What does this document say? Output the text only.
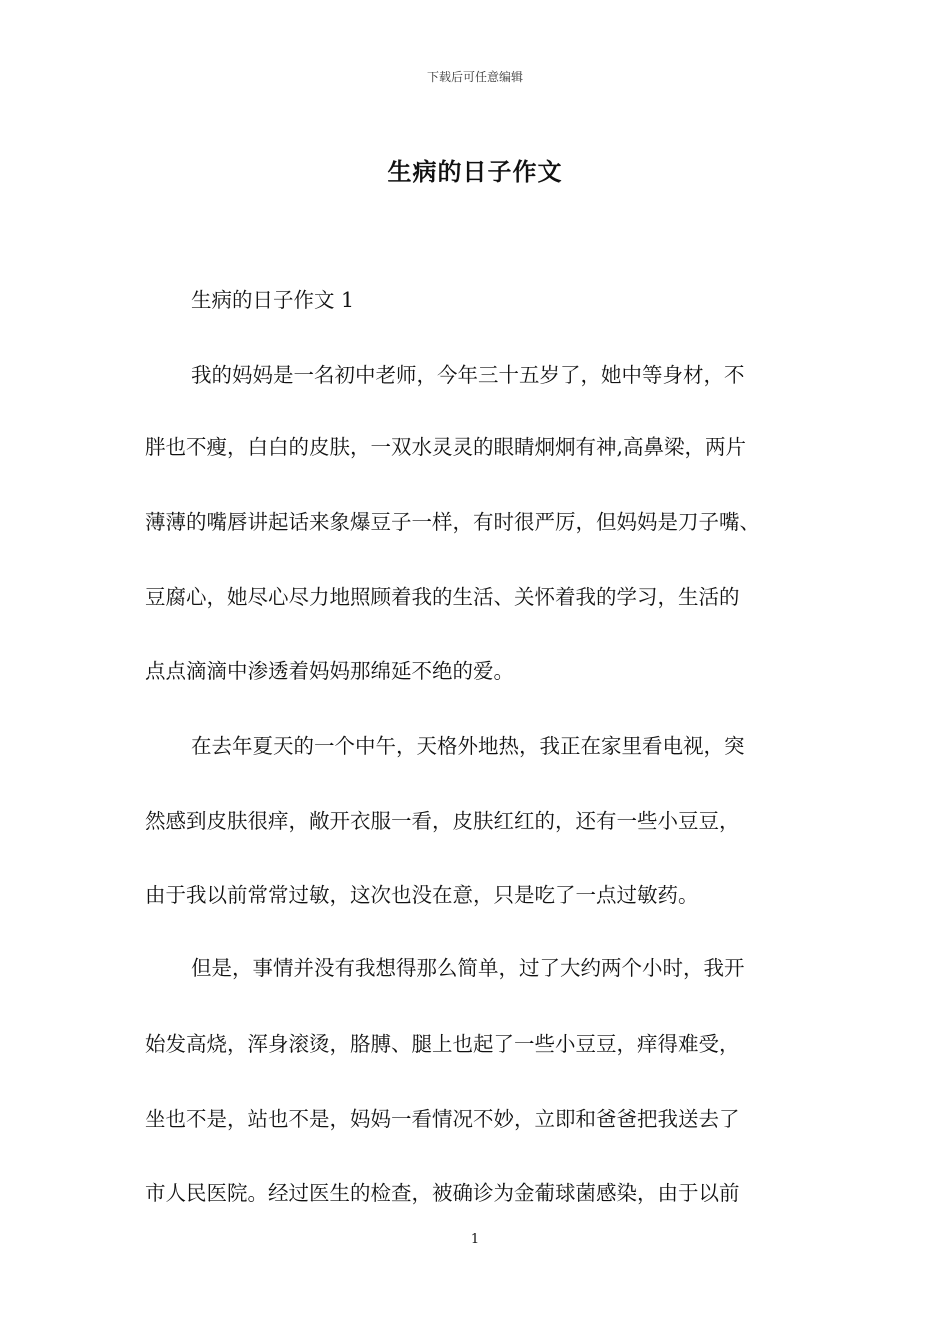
下载后可任意编辑
生病的日子作文
生病的日子作文 1
我的妈妈是一名初中老师，今年三十五岁了，她中等身材，不
胖也不瘦，白白的皮肤，一双水灵灵的眼睛炯炯有神,高鼻梁，两片
薄薄的嘴唇讲起话来象爆豆子一样，有时很严厉，但妈妈是刀子嘴、
豆腐心，她尽心尽力地照顾着我的生活、关怀着我的学习，生活的
点点滴滴中渗透着妈妈那绵延不绝的爱。
在去年夏天的一个中午，天格外地热，我正在家里看电视，突
然感到皮肤很痒，敞开衣服一看，皮肤红红的，还有一些小豆豆，
由于我以前常常过敏，这次也没在意，只是吃了一点过敏药。
但是，事情并没有我想得那么简单，过了大约两个小时，我开
始发高烧，浑身滚烫，胳膊、腿上也起了一些小豆豆，痒得难受，
坐也不是，站也不是，妈妈一看情况不妙，立即和爸爸把我送去了
市人民医院。经过医生的检查，被确诊为金葡球菌感染，由于以前
1
